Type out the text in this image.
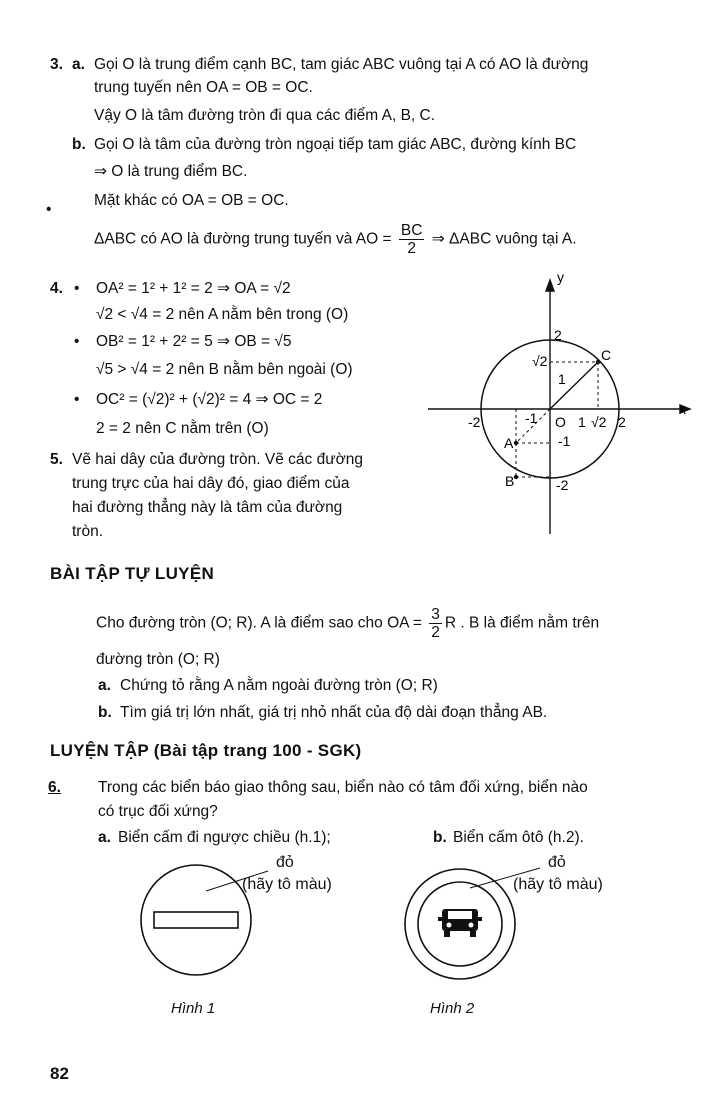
3. a. Gọi O là trung điểm cạnh BC, tam giác ABC vuông tại A có AO là đường
trung tuyến nên OA = OB = OC.
Vậy O là tâm đường tròn đi qua các điểm A, B, C.
b. Gọi O là tâm của đường tròn ngoại tiếp tam giác ABC, đường kính BC
⇒ O là trung điểm BC.
Mặt khác có OA = OB = OC.
•
ΔABC có AO là đường trung tuyến và AO = $\frac{BC}{2}$ ⇒ ΔABC vuông tại A.
4. • OA² = 1² + 1² = 2 ⇒ OA = √2
√2 < √4 = 2 nên A nằm bên trong (O)
• OB² = 1² + 2² = 5 ⇒ OB = √5
√5 > √4 = 2 nên B nằm bên ngoài (O)
• OC² = (√2)² + (√2)² = 4 ⇒ OC = 2
2 = 2 nên C nằm trên (O)
5. Vẽ hai dây của đường tròn. Vẽ các đường
trung trực của hai dây đó, giao điểm của
hai đường thẳng này là tâm của đường
tròn.
x
y
2
√2
1
C
-2	-1 O 1 √2 2
-1
A
B	-2
BÀI TẬP TỰ LUYỆN
Cho đường tròn (O; R). A là điểm sao cho OA = $\frac{3}{2}$ R . B là điểm nằm trên
đường tròn (O; R)
a. Chứng tỏ rằng A nằm ngoài đường tròn (O; R)
b. Tìm giá trị lớn nhất, giá trị nhỏ nhất của độ dài đoạn thẳng AB.
LUYỆN TẬP (Bài tập trang 100 - SGK)
6. Trong các biển báo giao thông sau, biển nào có tâm đối xứng, biển nào
có trục đối xứng?
a. Biển cấm đi ngược chiều (h.1);	b. Biển cấm ôtô (h.2).
đỏ
(hãy tô màu)
đỏ
(hãy tô màu)
Hình 1	Hình 2
82
